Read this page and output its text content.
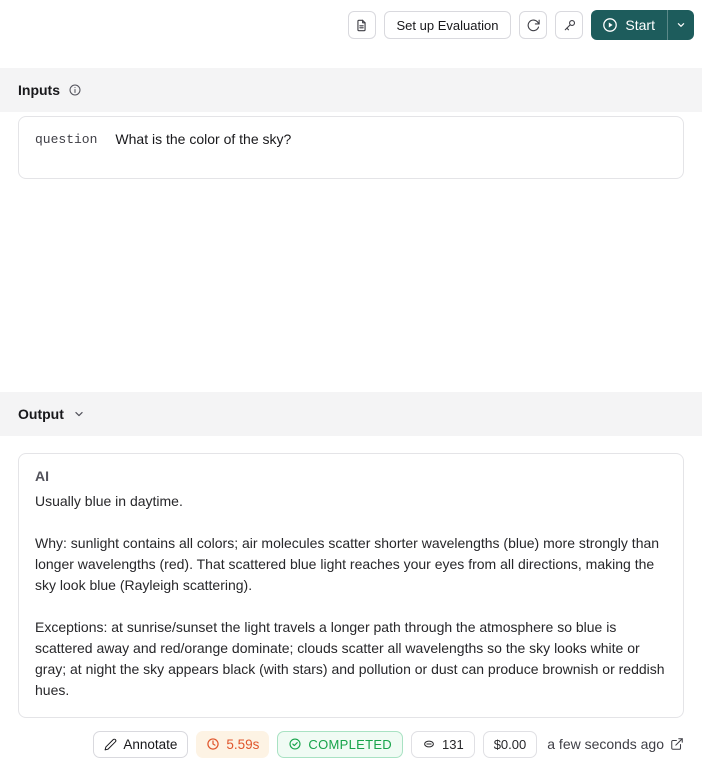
Set up Evaluation	Start
Inputs
question What is the color of the sky?
Output
AI

Usually blue in daytime.

Why: sunlight contains all colors; air molecules scatter shorter wavelengths (blue) more strongly than longer wavelengths (red). That scattered blue light reaches your eyes from all directions, making the sky look blue (Rayleigh scattering).

Exceptions: at sunrise/sunset the light travels a longer path through the atmosphere so blue is scattered away and red/orange dominate; clouds scatter all wavelengths so the sky looks white or gray; at night the sky appears black (with stars) and pollution or dust can produce brownish or reddish hues.

Annotate	5.59s	COMPLETED	131 $0.00 a few seconds ago
